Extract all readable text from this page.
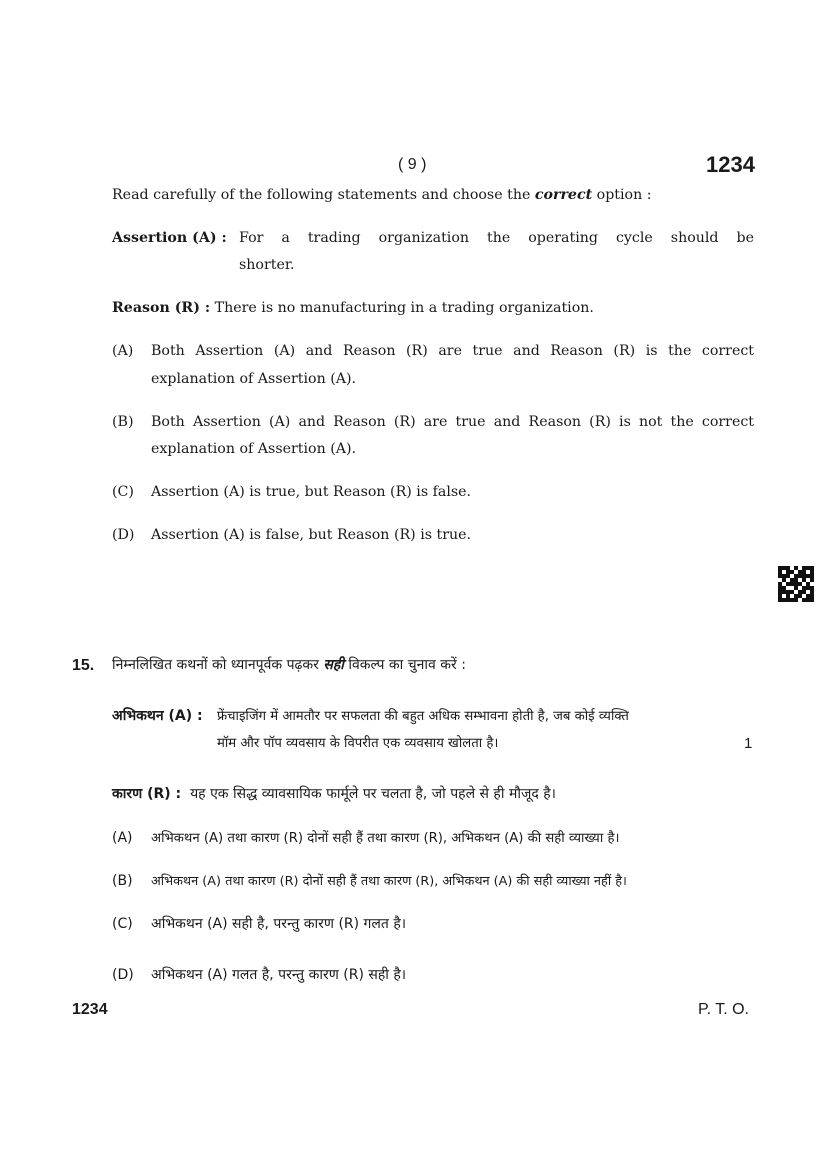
( 9 )	1234
Read carefully of the following statements and choose the correct option :
Assertion (A) : For a trading organization the operating cycle should be
shorter.
Reason (R) : There is no manufacturing in a trading organization.
(A) Both Assertion (A) and Reason (R) are true and Reason (R) is the correct
explanation of Assertion (A).
(B) Both Assertion (A) and Reason (R) are true and Reason (R) is not the correct
explanation of Assertion (A).
(C) Assertion (A) is true, but Reason (R) is false.
(D) Assertion (A) is false, but Reason (R) is true.
15. निम्नलिखित कथनों को ध्यानपूर्वक पढ़कर सही विकल्प का चुनाव करें :
अभिकथन (A) : फ्रेंचाइजिंग में आमतौर पर सफलता की बहुत अधिक सम्भावना होती है, जब कोई व्यक्ति
मॉम और पॉप व्यवसाय के विपरीत एक व्यवसाय खोलता है।	1
कारण (R) : यह एक सिद्ध व्यावसायिक फार्मूले पर चलता है, जो पहले से ही मौजूद है।
(A) अभिकथन (A) तथा कारण (R) दोनों सही हैं तथा कारण (R), अभिकथन (A) की सही व्याख्या है।
(B) अभिकथन (A) तथा कारण (R) दोनों सही हैं तथा कारण (R), अभिकथन (A) की सही व्याख्या नहीं है।
(C) अभिकथन (A) सही है, परन्तु कारण (R) गलत है।
(D) अभिकथन (A) गलत है, परन्तु कारण (R) सही है।
1234	P. T. O.
